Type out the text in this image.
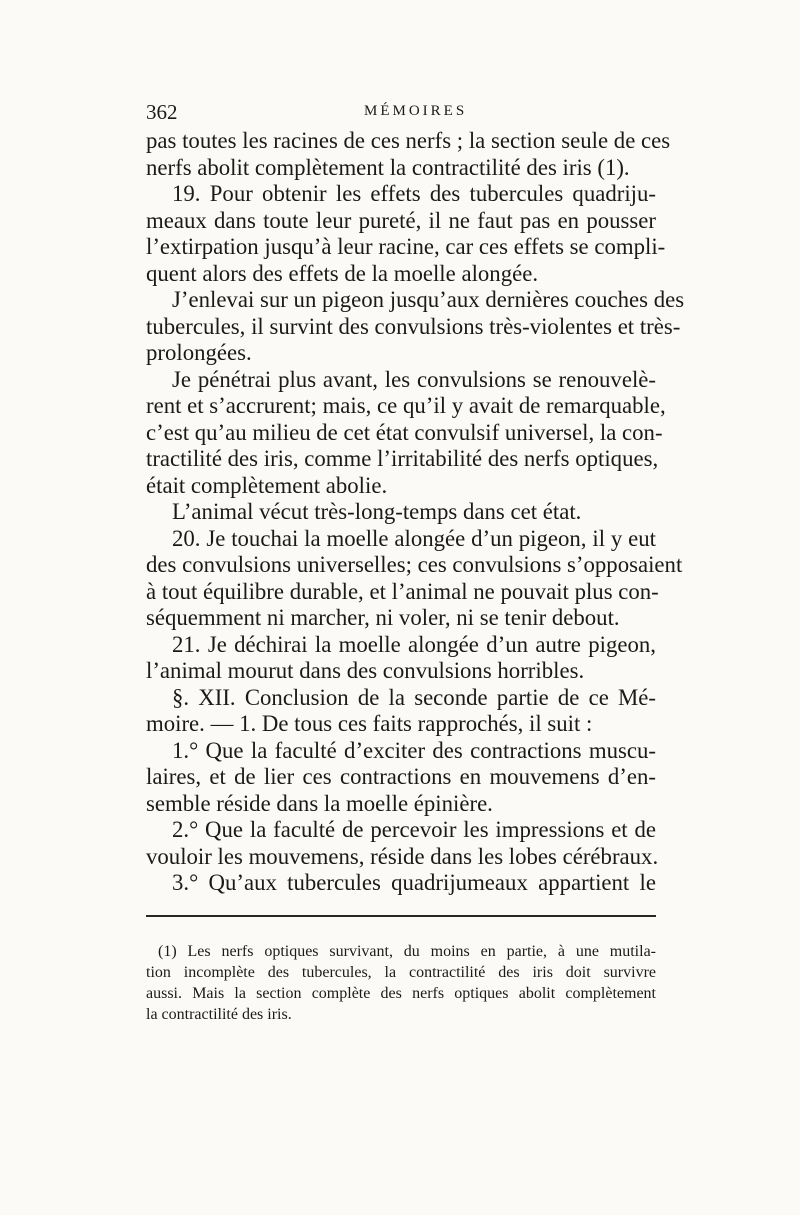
362	MÉMOIRES
pas toutes les racines de ces nerfs ; la section seule de ces
nerfs abolit complètement la contractilité des iris (1).
19. Pour obtenir les effets des tubercules quadriju-
meaux dans toute leur pureté, il ne faut pas en pousser
l’extirpation jusqu’à leur racine, car ces effets se compli-
quent alors des effets de la moelle alongée.
J’enlevai sur un pigeon jusqu’aux dernières couches des
tubercules, il survint des convulsions très-violentes et très-
prolongées.
Je pénétrai plus avant, les convulsions se renouvelè-
rent et s’accrurent; mais, ce qu’il y avait de remarquable,
c’est qu’au milieu de cet état convulsif universel, la con-
tractilité des iris, comme l’irritabilité des nerfs optiques,
était complètement abolie.
L’animal vécut très-long-temps dans cet état.
20. Je touchai la moelle alongée d’un pigeon, il y eut
des convulsions universelles; ces convulsions s’opposaient
à tout équilibre durable, et l’animal ne pouvait plus con-
séquemment ni marcher, ni voler, ni se tenir debout.
21. Je déchirai la moelle alongée d’un autre pigeon,
l’animal mourut dans des convulsions horribles.
§. XII. Conclusion de la seconde partie de ce Mé-
moire. — 1. De tous ces faits rapprochés, il suit :
1.° Que la faculté d’exciter des contractions muscu-
laires, et de lier ces contractions en mouvemens d’en-
semble réside dans la moelle épinière.
2.° Que la faculté de percevoir les impressions et de
vouloir les mouvemens, réside dans les lobes cérébraux.
3.° Qu’aux tubercules quadrijumeaux appartient le
(1) Les nerfs optiques survivant, du moins en partie, à une mutila-
tion incomplète des tubercules, la contractilité des iris doit survivre
aussi. Mais la section complète des nerfs optiques abolit complètement
la contractilité des iris.
